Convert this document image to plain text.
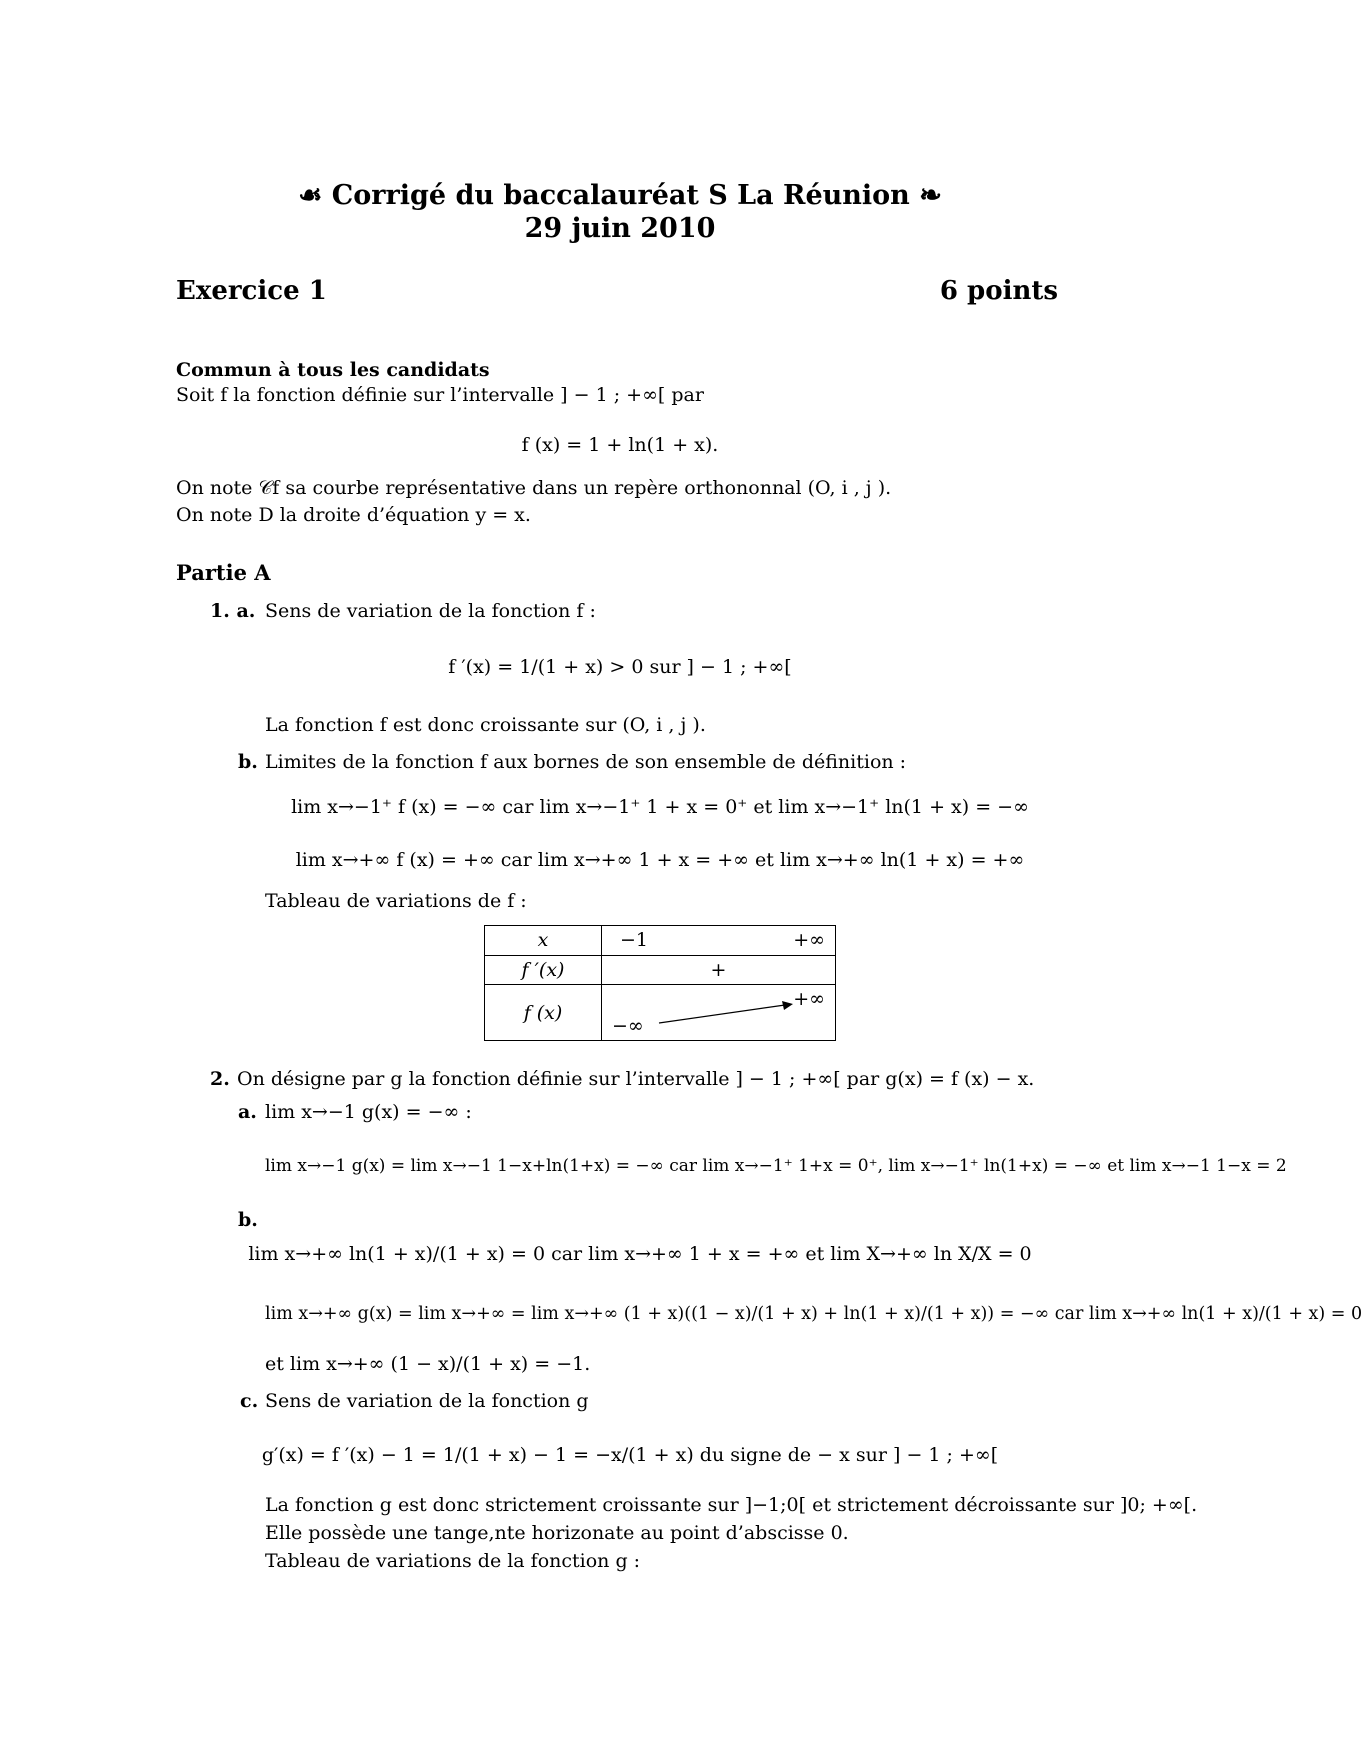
☙ Corrigé du baccalauréat S La Réunion ❧
29 juin 2010
Exercice 1	6 points
Commun à tous les candidats
Soit f la fonction définie sur l’intervalle ] − 1 ; +∞[ par
f (x) = 1 + ln(1 + x).
On note 𝒞f sa courbe représentative dans un repère orthononnal (O, i , j ).
On note D la droite d’équation y = x.
Partie A
1. a. Sens de variation de la fonction f :
f ′(x) = 1/(1 + x) > 0 sur ] − 1 ; +∞[
La fonction f est donc croissante sur (O, i , j ).
b. Limites de la fonction f aux bornes de son ensemble de définition :
lim x→−1⁺ f (x) = −∞ car lim x→−1⁺ 1 + x = 0⁺ et lim x→−1⁺ ln(1 + x) = −∞
lim x→+∞ f (x) = +∞ car lim x→+∞ 1 + x = +∞ et lim x→+∞ ln(1 + x) = +∞
Tableau de variations de f :
x	−1 +∞

f ′(x)	+
f (x)	−∞
+∞
2. On désigne par g la fonction définie sur l’intervalle ] − 1 ; +∞[ par g(x) = f (x) − x.
a. lim x→−1 g(x) = −∞ :
lim x→−1 g(x) = lim x→−1 1−x+ln(1+x) = −∞ car lim x→−1⁺ 1+x = 0⁺, lim x→−1⁺ ln(1+x) = −∞ et lim x→−1 1−x = 2
b.
lim x→+∞ ln(1 + x)/(1 + x) = 0 car lim x→+∞ 1 + x = +∞ et lim X→+∞ ln X/X = 0
lim x→+∞ g(x) = lim x→+∞ = lim x→+∞ (1 + x)((1 − x)/(1 + x) + ln(1 + x)/(1 + x)) = −∞ car lim x→+∞ ln(1 + x)/(1 + x) = 0
et lim x→+∞ (1 − x)/(1 + x) = −1.
c. Sens de variation de la fonction g
g′(x) = f ′(x) − 1 = 1/(1 + x) − 1 = −x/(1 + x) du signe de − x sur ] − 1 ; +∞[
La fonction g est donc strictement croissante sur ]−1;0[ et strictement décroissante sur ]0; +∞[.
Elle possède une tange,nte horizonate au point d’abscisse 0.
Tableau de variations de la fonction g :
